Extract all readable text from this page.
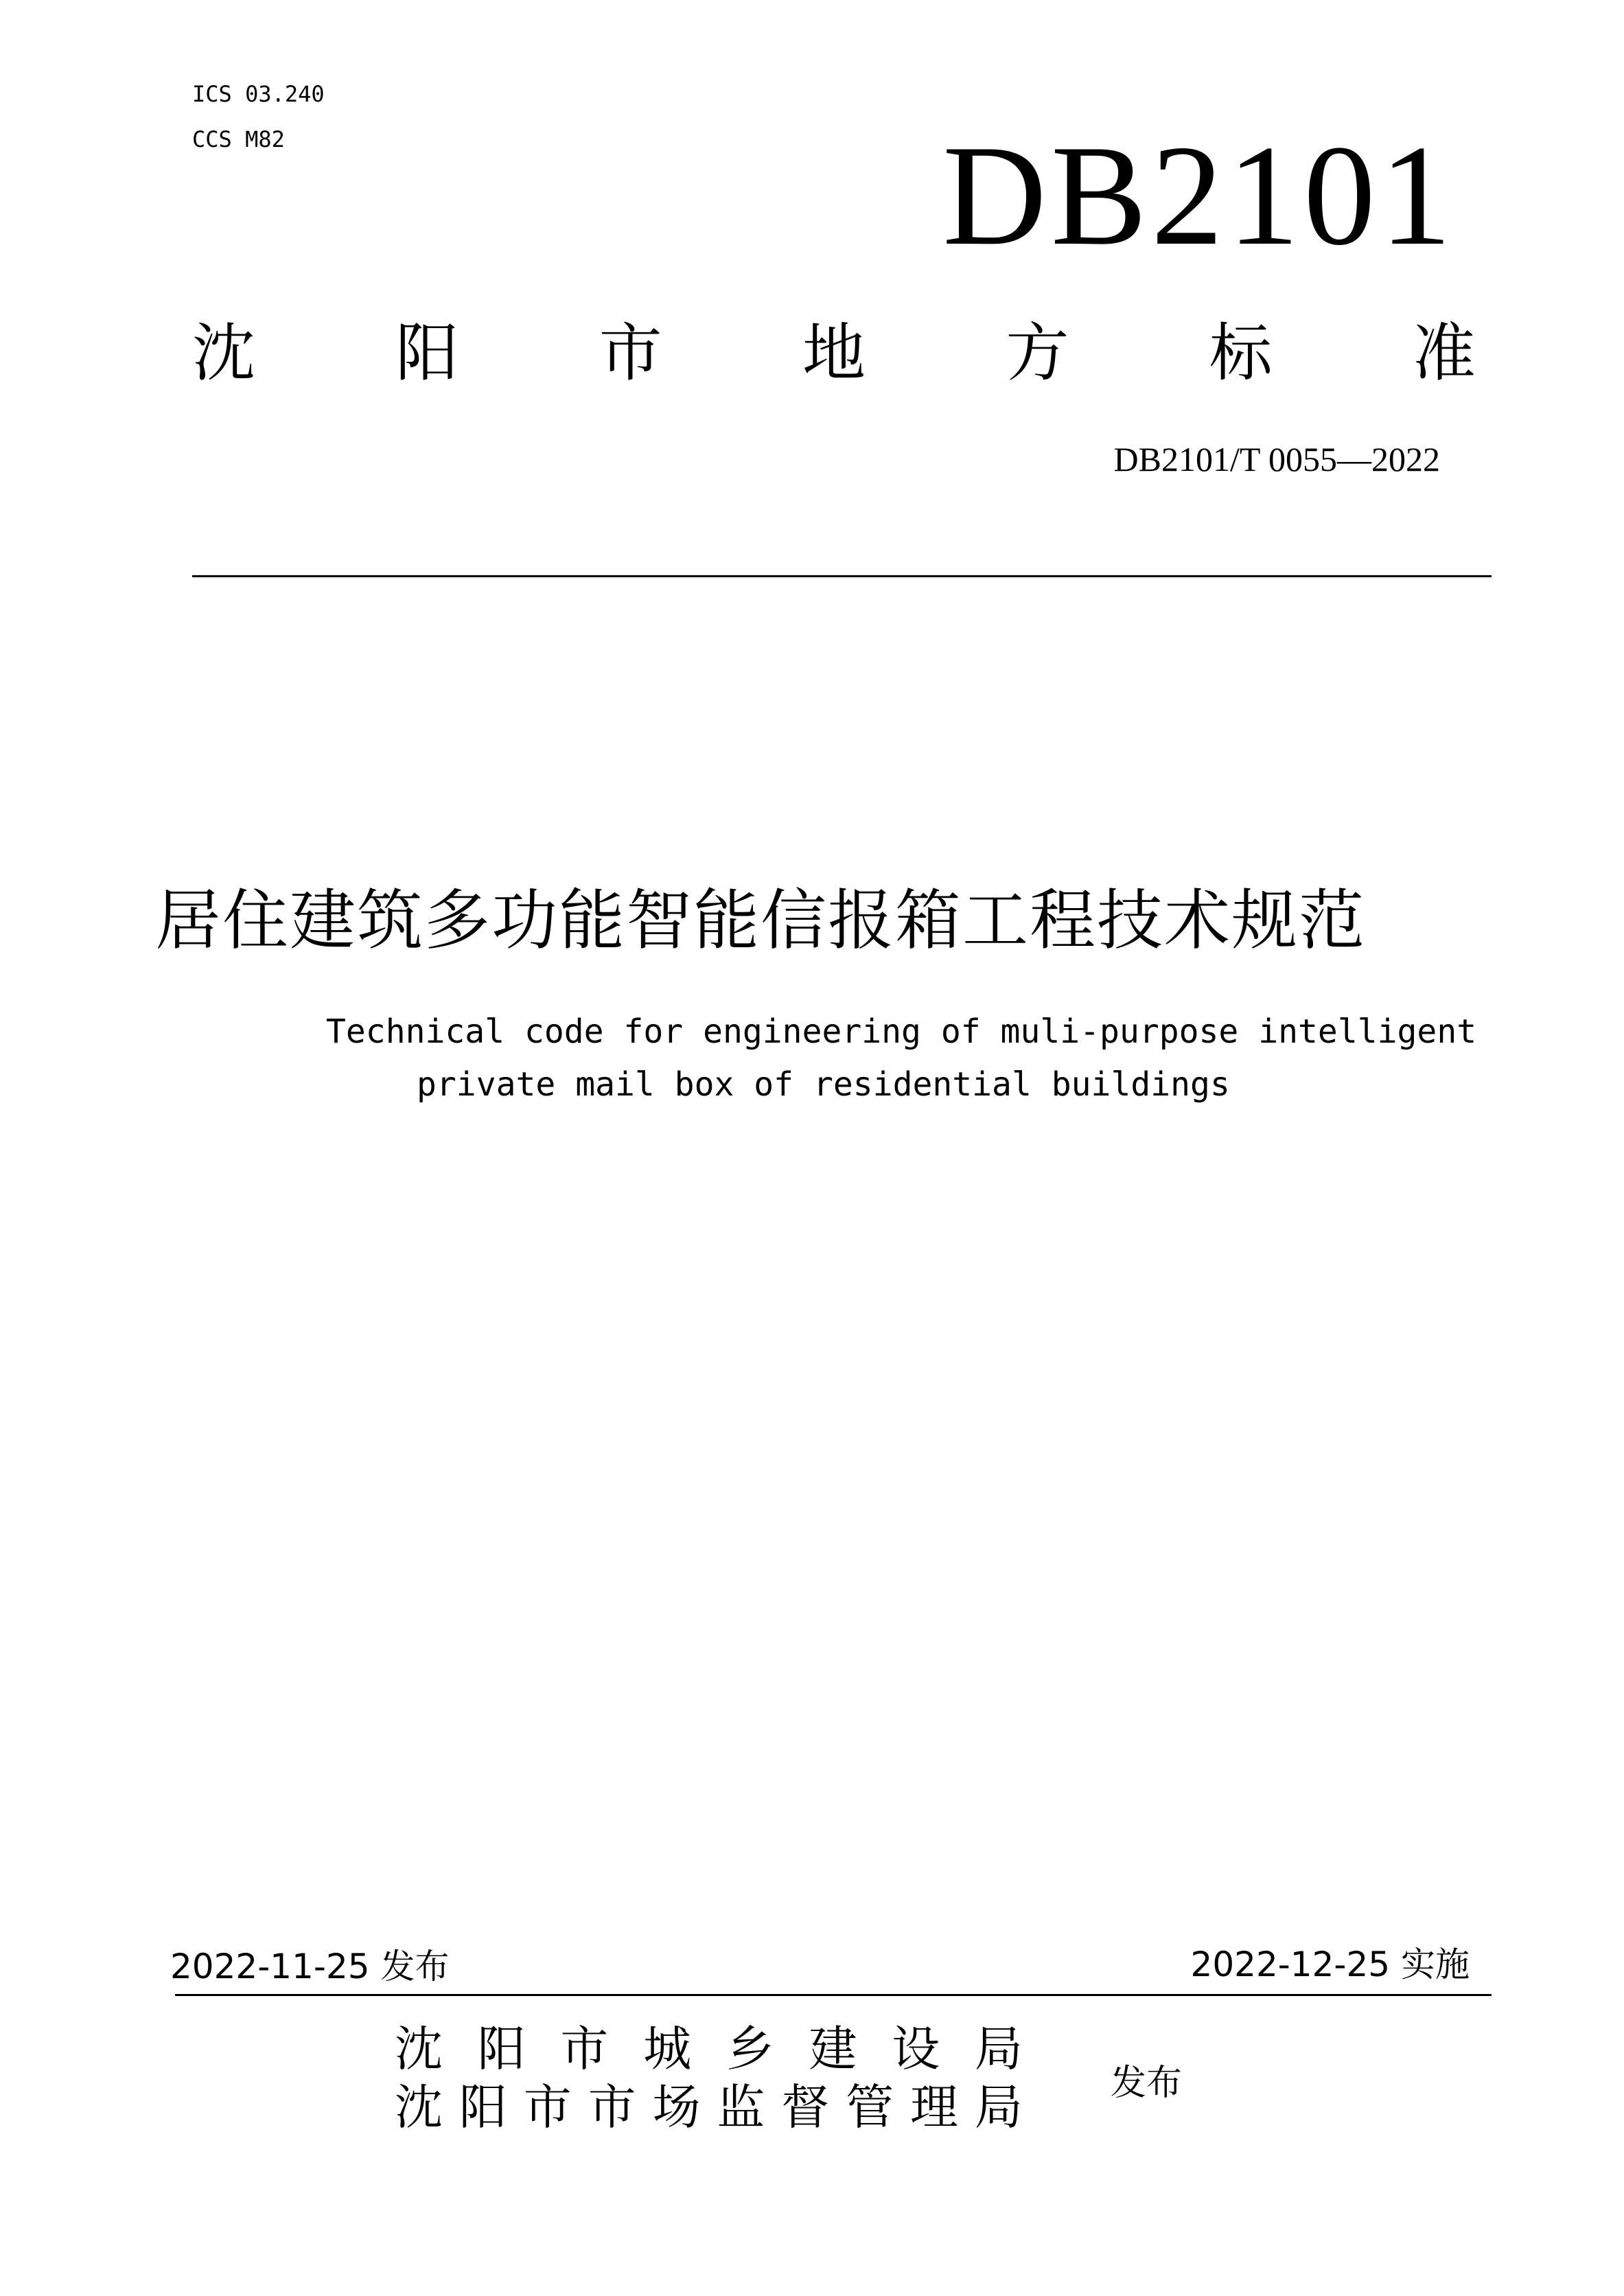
ICS 03.240
CCS M82	DB2101
沈 阳 市 地 方 标 准
DB2101/T 0055—2022
居住建筑多功能智能信报箱工程技术规范
Technical code for engineering of muli-purpose intelligent
private mail box of residential buildings
2022-11-25 发布	2022-12-25 实施
沈 阳 市 城 乡 建 设 局
沈 阳 市 市 场 监 督 管 理 局 发布
